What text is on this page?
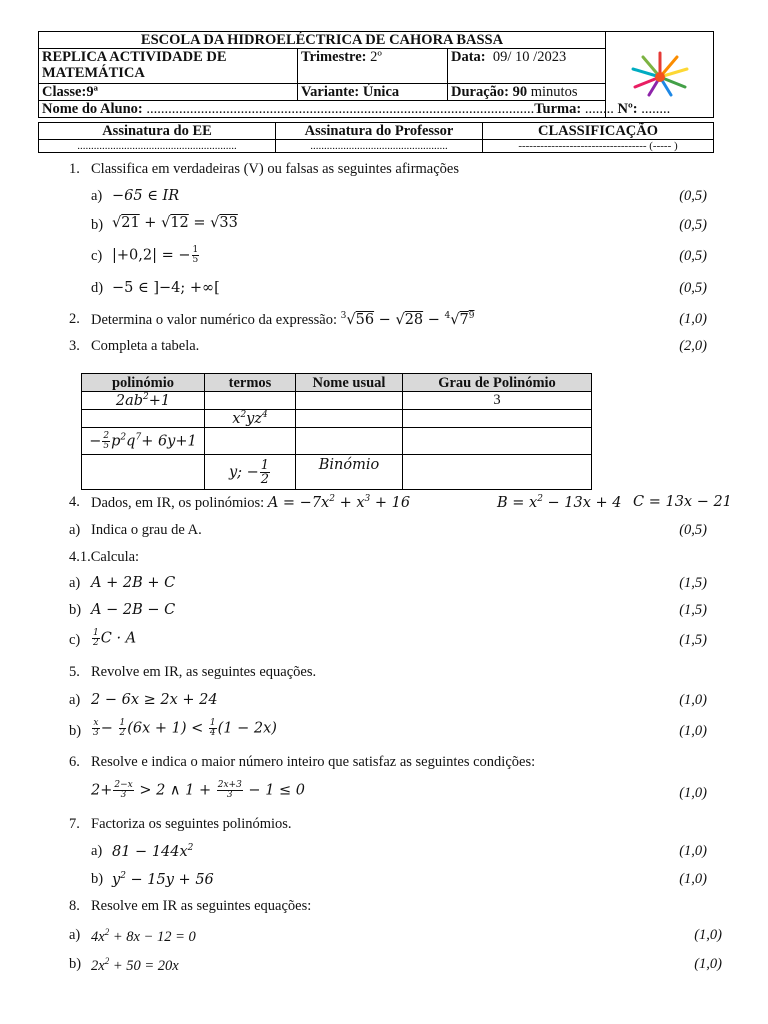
ESCOLA DA HIDROELÉCTRICA DE CAHORA BASSA	
REPLICA ACTIVIDADE DE MATEMÁTICA	Trimestre: 2º	Data: 09/ 10 /2023	
Classe:9ª	Variante: Única	Duração: 90 minutos	
Nome do Aluno: ...........................................................................................................Turma: ........ Nº: ........			
Assinatura do EE	Assinatura do Professor	CLASSIFICAÇÃO
..........................................................	..................................................	----------------------------------- (----- )
1. Classifica em verdadeiras (V) ou falsas as seguintes afirmações
a) −65 ∈ IR	(0,5)
b) √21 + √12 = √33	(0,5)
c) |+0,2| = − $\frac{1}{5}$	(0,5)
d) −5 ∈ ]−4; +∞[	(0,5)
2. Determina o valor numérico da expressão: $^3√56 - √28 - ^4√7^9$	(1,0)
3. Completa a tabela.	(2,0)
polinómio	termos	Nome usual	Grau de Polinómio
$2ab^2+1$			3
	$x^2yz^4$		
− $\frac{2}{5} p^2q^7+ 6y+1$			
	y; − $\frac{1}{2}$	Binómio	
4. Dados, em IR, os polinómios: $A = -7x^2 + x^3 + 16$	$B = x^2 - 13x + 4$ C = 13x − 21
a) Indica o grau de A.	(0,5)
4.1.Calcula:
a) A + 2B + C	(1,5)
b) A − 2B − C	(1,5)
$c) \frac{1}{2}$ C · A	(1,5)
5. Revolve em IR, as seguintes equações.
a) 2 − 6x ≥ 2x + 24	(1,0)
$b) \frac{x}{3} - \frac{1}{2} (6x + 1) < \frac{1}{4} (1 - 2x)$	(1,0)
6. Resolve e indica o maior número inteiro que satisfaz as seguintes condições:
$2+ \frac{2-x}{3} > 2$ ∧ $1 + \frac{2x+3}{3} - 1 \le 0$	(1,0)
7. Factoriza os seguintes polinómios.
a) $81 - 144x^2$	(1,0)
b) $y^2 - 15y + 56$	(1,0)
8. Resolve em IR as seguintes equações:
a) $4x^2 + 8x - 12 = 0$	(1,0)
b) $2x^2 + 50 = 20x$	(1,0)
